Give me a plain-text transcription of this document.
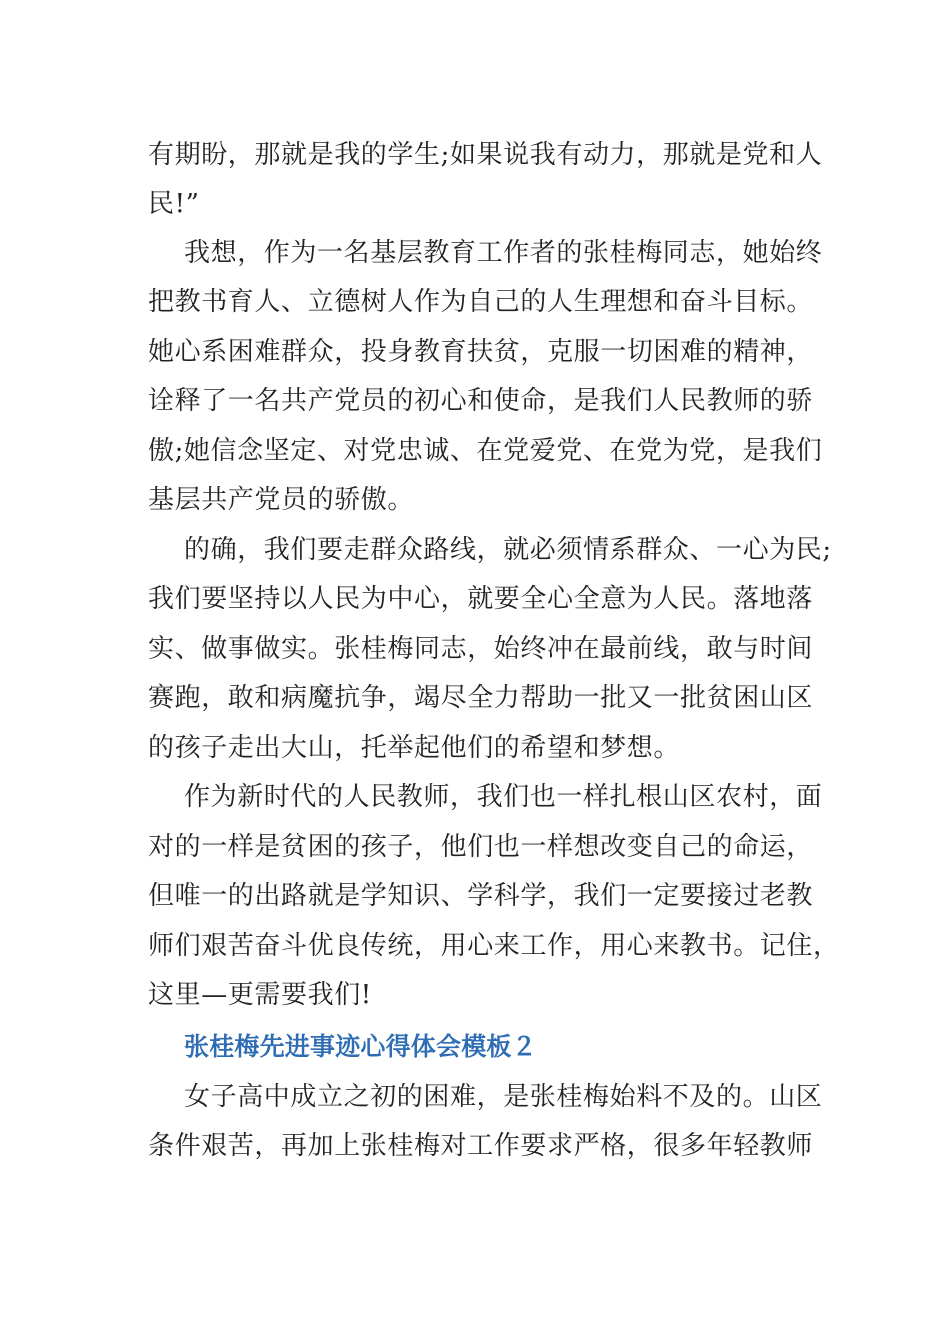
有期盼，那就是我的学生;如果说我有动力，那就是党和人

民!”

我想，作为一名基层教育工作者的张桂梅同志，她始终

把教书育人、立德树人作为自己的人生理想和奋斗目标。

她心系困难群众，投身教育扶贫，克服一切困难的精神，

诠释了一名共产党员的初心和使命，是我们人民教师的骄

傲;她信念坚定、对党忠诚、在党爱党、在党为党，是我们

基层共产党员的骄傲。

的确，我们要走群众路线，就必须情系群众、一心为民;

我们要坚持以人民为中心，就要全心全意为人民。落地落

实、做事做实。张桂梅同志，始终冲在最前线，敢与时间

赛跑，敢和病魔抗争，竭尽全力帮助一批又一批贫困山区

的孩子走出大山，托举起他们的希望和梦想。

作为新时代的人民教师，我们也一样扎根山区农村，面

对的一样是贫困的孩子，他们也一样想改变自己的命运，

但唯一的出路就是学知识、学科学，我们一定要接过老教

师们艰苦奋斗优良传统，用心来工作，用心来教书。记住，

这里—更需要我们!

张桂梅先进事迹心得体会模板２

女子高中成立之初的困难，是张桂梅始料不及的。山区

条件艰苦，再加上张桂梅对工作要求严格，很多年轻教师
